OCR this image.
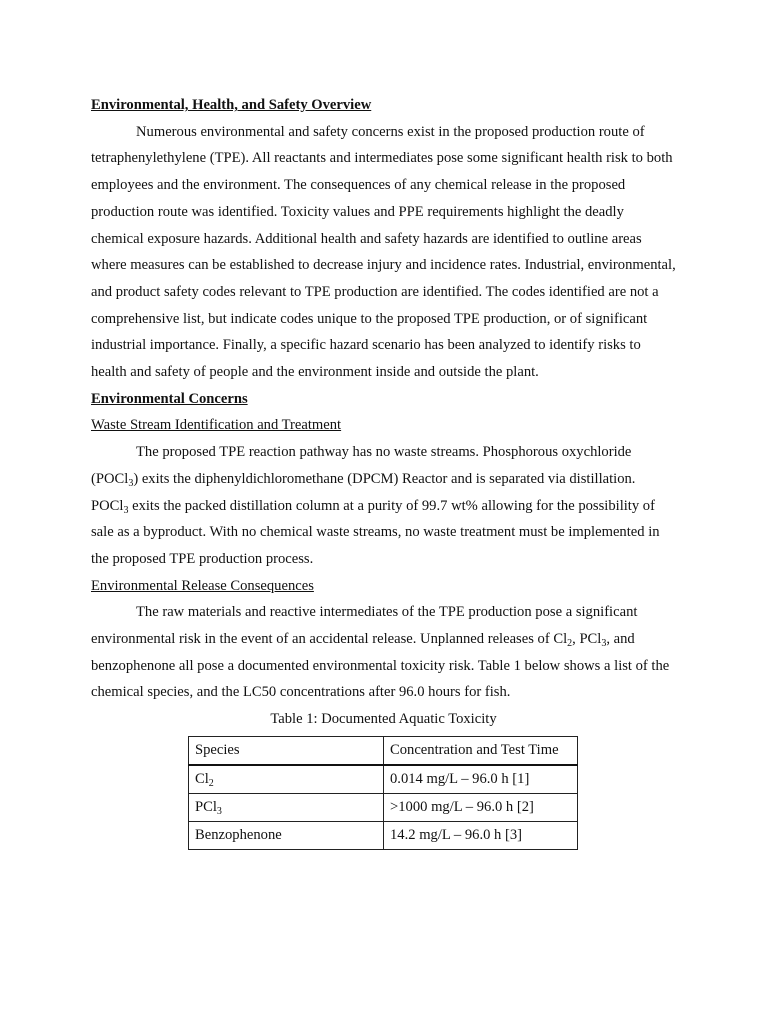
Environmental, Health, and Safety Overview

Numerous environmental and safety concerns exist in the proposed production route of tetraphenylethylene (TPE). All reactants and intermediates pose some significant health risk to both employees and the environment. The consequences of any chemical release in the proposed production route was identified. Toxicity values and PPE requirements highlight the deadly chemical exposure hazards. Additional health and safety hazards are identified to outline areas where measures can be established to decrease injury and incidence rates. Industrial, environmental, and product safety codes relevant to TPE production are identified. The codes identified are not a comprehensive list, but indicate codes unique to the proposed TPE production, or of significant industrial importance. Finally, a specific hazard scenario has been analyzed to identify risks to health and safety of people and the environment inside and outside the plant.

Environmental Concerns

Waste Stream Identification and Treatment

The proposed TPE reaction pathway has no waste streams. Phosphorous oxychloride (POCl$_3$) exits the diphenyldichloromethane (DPCM) Reactor and is separated via distillation. POCl$_3$ exits the packed distillation column at a purity of 99.7 wt% allowing for the possibility of sale as a byproduct. With no chemical waste streams, no waste treatment must be implemented in the proposed TPE production process.

Environmental Release Consequences

The raw materials and reactive intermediates of the TPE production pose a significant environmental risk in the event of an accidental release. Unplanned releases of $Cl_2$, PCl$_3$, and benzophenone all pose a documented environmental toxicity risk. Table 1 below shows a list of the chemical species, and the LC50 concentrations after 96.0 hours for fish.

Table 1: Documented Aquatic Toxicity

Species	Concentration and Test Time
$Cl_2$	0.014 mg/L – 96.0 h [1]
PCl$_3$	>1000 mg/L – 96.0 h [2]
Benzophenone	14.2 mg/L – 96.0 h [3]
